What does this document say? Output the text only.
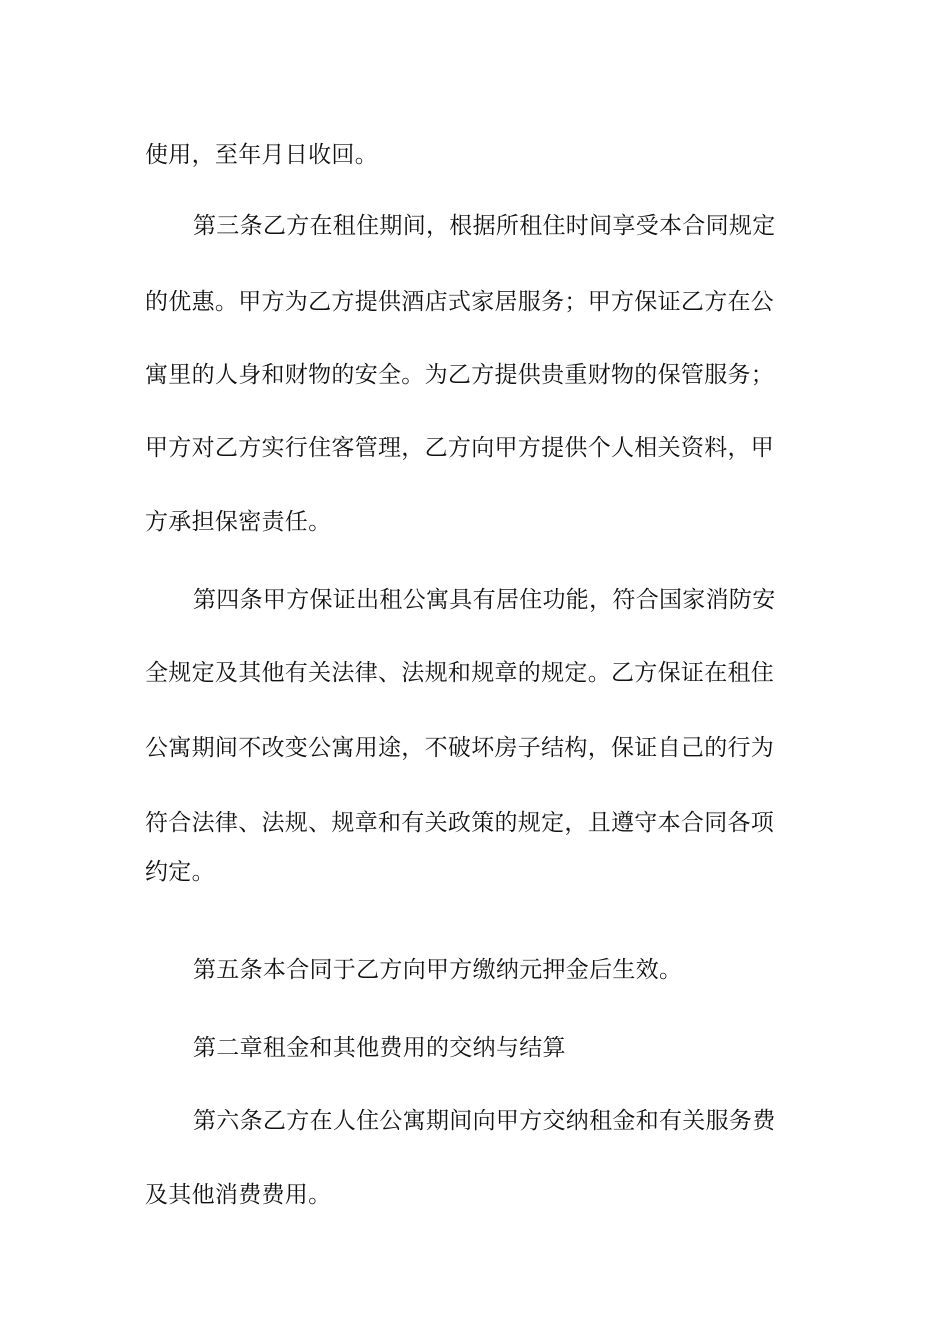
使用，至年月日收回。
第三条乙方在租住期间，根据所租住时间享受本合同规定
的优惠。甲方为乙方提供酒店式家居服务；甲方保证乙方在公
寓里的人身和财物的安全。为乙方提供贵重财物的保管服务；
甲方对乙方实行住客管理，乙方向甲方提供个人相关资料，甲
方承担保密责任。
第四条甲方保证出租公寓具有居住功能，符合国家消防安
全规定及其他有关法律、法规和规章的规定。乙方保证在租住
公寓期间不改变公寓用途，不破坏房子结构，保证自己的行为
符合法律、法规、规章和有关政策的规定，且遵守本合同各项
约定。
第五条本合同于乙方向甲方缴纳元押金后生效。
第二章租金和其他费用的交纳与结算
第六条乙方在人住公寓期间向甲方交纳租金和有关服务费
及其他消费费用。
